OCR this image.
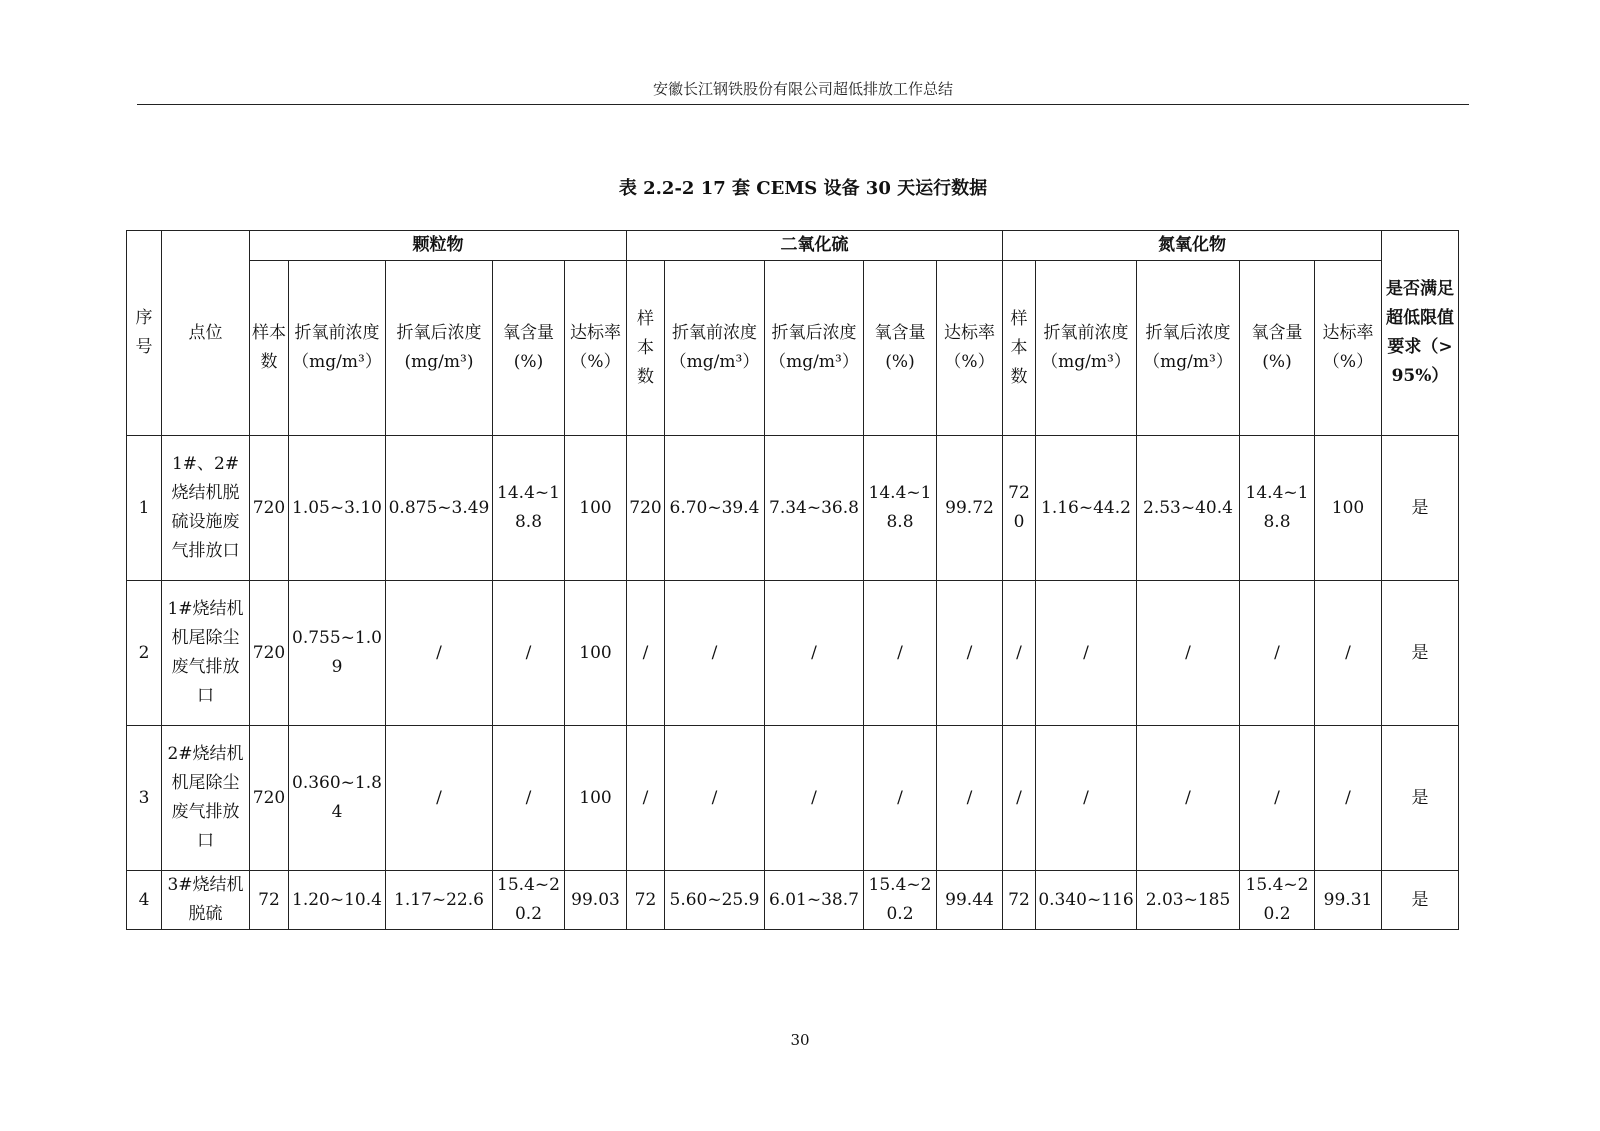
安徽长江钢铁股份有限公司超低排放工作总结
表 2.2-2 17 套 CEMS 设备 30 天运行数据
序号	点位	颗粒物					二氧化硫					氮氧化物					是否满足超低限值要求（>95%）
		样本数	折氧前浓度（mg/m³）	折氧后浓度(mg/m³)	氧含量(%)	达标率（%）	样本数	折氧前浓度（mg/m³）	折氧后浓度（mg/m³）	氧含量(%)	达标率（%）	样本数	折氧前浓度（mg/m³）	折氧后浓度（mg/m³）	氧含量(%)	达标率（%）	
1	1#、2#烧结机脱硫设施废气排放口	720	1.05~3.10	0.875~3.49	14.4~18.8	100	720	6.70~39.4	7.34~36.8	14.4~18.8	99.72	720	1.16~44.2	2.53~40.4	14.4~18.8	100	是
2	1#烧结机机尾除尘废气排放口	720	0.755~1.09	/	/	100	/	/	/	/	/	/	/	/	/	/	是
3	2#烧结机机尾除尘废气排放口	720	0.360~1.84	/	/	100	/	/	/	/	/	/	/	/	/	/	是
4	3#烧结机脱硫	72	1.20~10.4	1.17~22.6	15.4~20.2	99.03	72	5.60~25.9	6.01~38.7	15.4~20.2	99.44	72	0.340~116	2.03~185	15.4~20.2	99.31	是
30
